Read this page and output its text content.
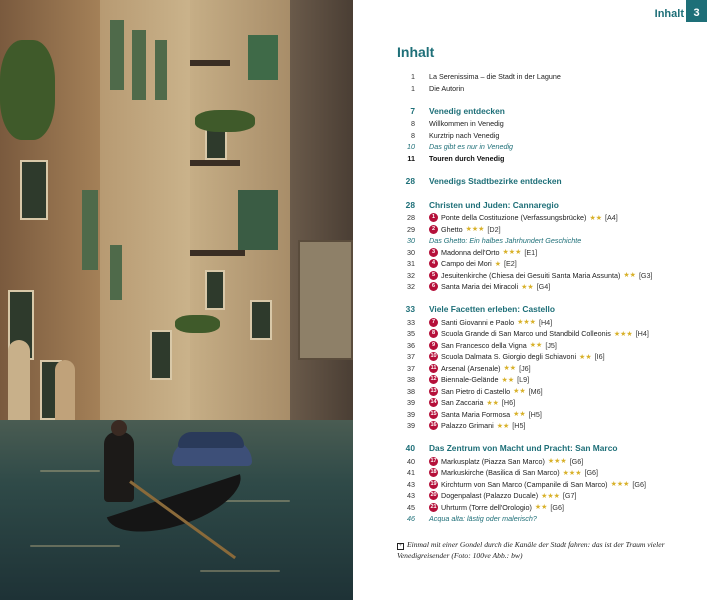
Inhalt 3
Inhalt
1 La Serenissima – die Stadt in der Lagune
1 Die Autorin
7 Venedig entdecken
8 Willkommen in Venedig
8 Kurztrip nach Venedig
10 Das gibt es nur in Venedig
11 Touren durch Venedig
28 Venedigs Stadtbezirke entdecken
28 Christen und Juden: Cannaregio
28	1 Ponte della Costituzione (Verfassungsbrücke) ★★ [A4]
29	2 Ghetto ★★★ [D2]
30 Das Ghetto: Ein halbes Jahrhundert Geschichte
30	3 Madonna dell'Orto ★★★ [E1]
31	4 Campo dei Mori ★ [E2]
32	5 Jesuitenkirche (Chiesa dei Gesuiti Santa Maria Assunta) ★★ [G3]
32	6 Santa Maria dei Miracoli ★★ [G4]
33 Viele Facetten erleben: Castello
33	7 Santi Giovanni e Paolo ★★★ [H4]
35	8 Scuola Grande di San Marco und Standbild Colleonis ★★★ [H4]
36	9 San Francesco della Vigna ★★ [J5]
37	10 Scuola Dalmata S. Giorgio degli Schiavoni ★★ [I6]
37	11 Arsenal (Arsenale) ★★ [J6]
38	12 Biennale-Gelände ★★ [L9]
38	13 San Pietro di Castello ★★ [M6]
39	14 San Zaccaria ★★ [H6]
39	15 Santa Maria Formosa ★★ [H5]
39	16 Palazzo Grimani ★★ [H5]
40 Das Zentrum von Macht und Pracht: San Marco
40	17 Markusplatz (Piazza San Marco) ★★★ [G6]
41	18 Markuskirche (Basilica di San Marco) ★★★ [G6]
43	19 Kirchturm von San Marco (Campanile di San Marco) ★★★ [G6]
43	20 Dogenpalast (Palazzo Ducale) ★★★ [G7]
45	21 Uhrturm (Torre dell'Orologio) ★★ [G6]
46 Acqua alta: lästig oder malerisch?
+ Einmal mit einer Gondel durch die Kanäle der Stadt fahren: das ist der Traum vieler Venedigreisender (Foto: 100ve Abb.: bw)
